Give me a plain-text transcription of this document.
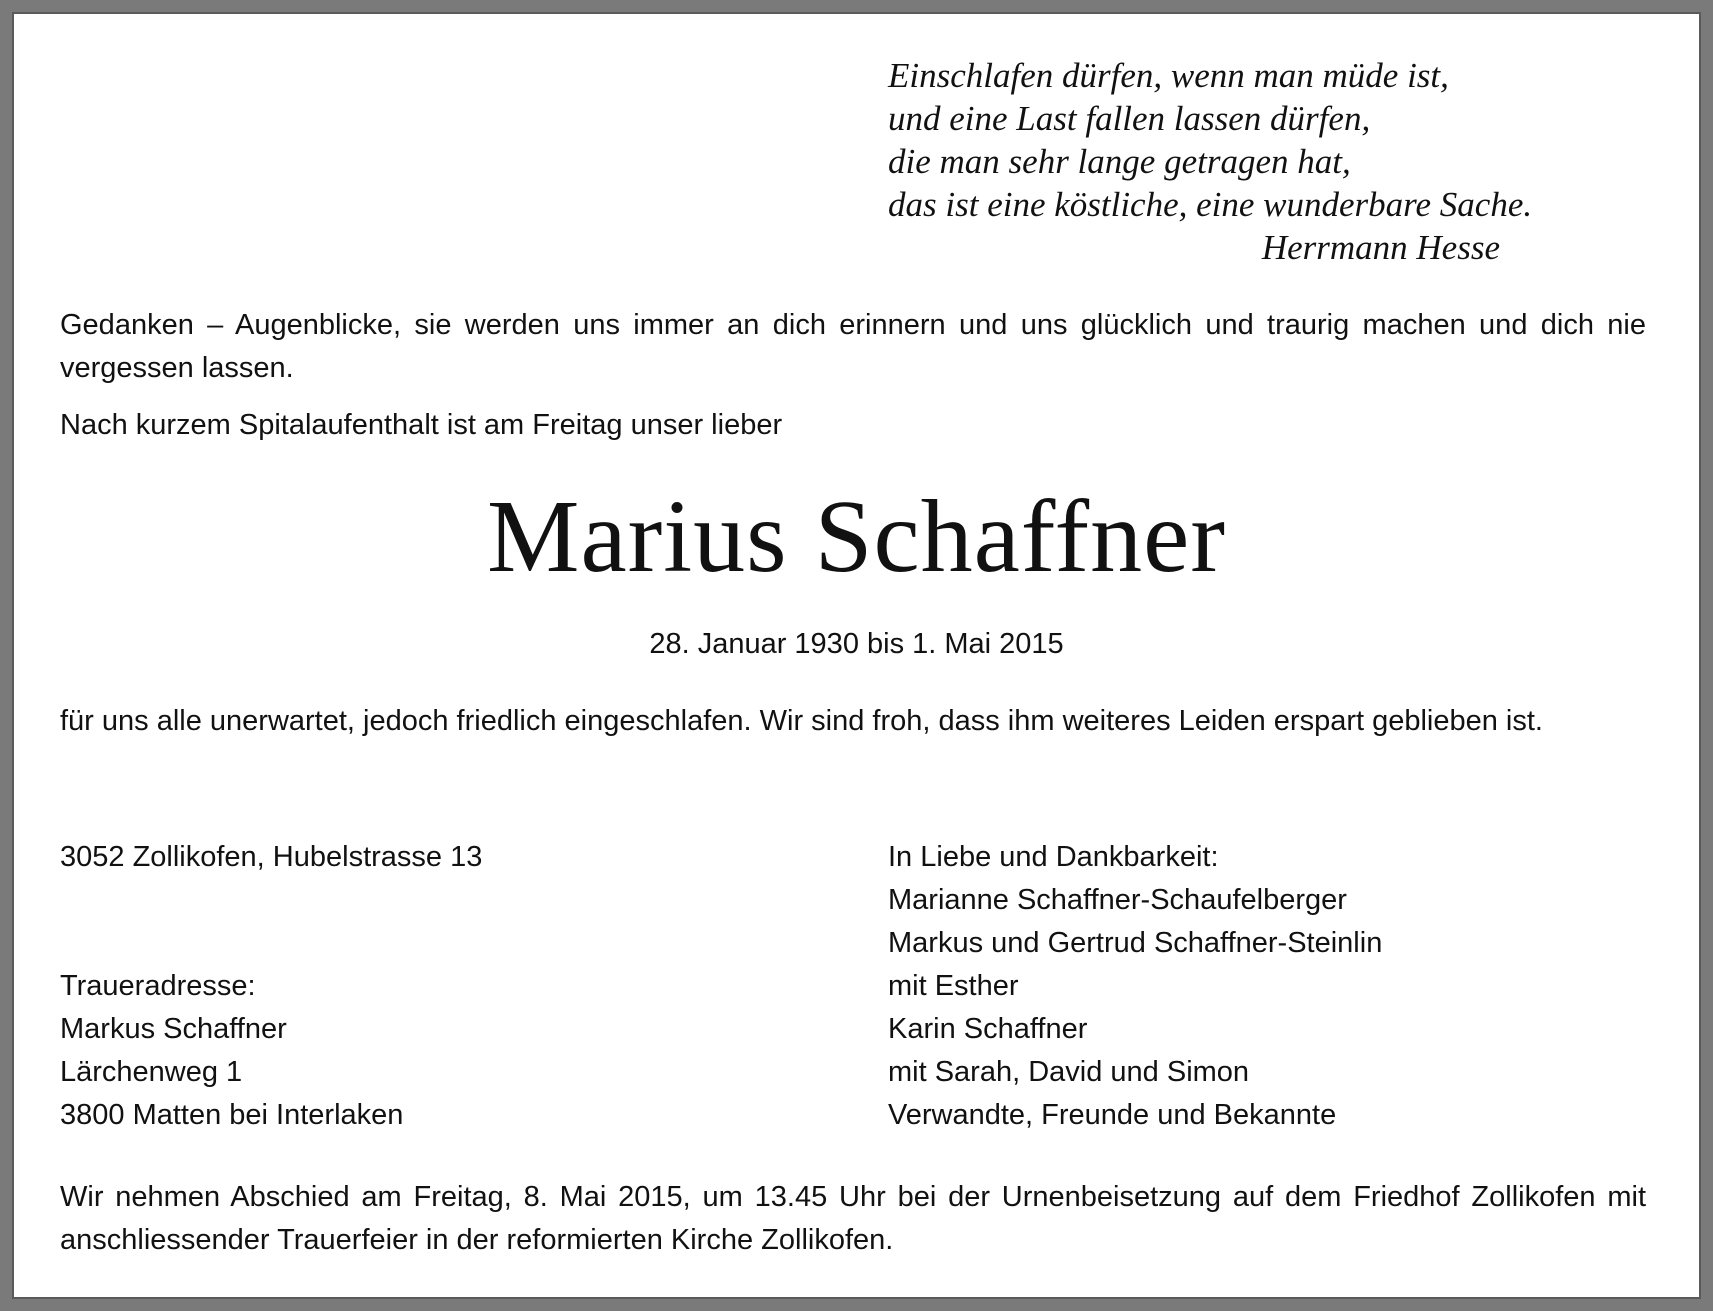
Einschlafen dürfen, wenn man müde ist,
und eine Last fallen lassen dürfen,
die man sehr lange getragen hat,
das ist eine köstliche, eine wunderbare Sache.
Herrmann Hesse
Gedanken – Augenblicke, sie werden uns immer an dich erinnern und uns glücklich und traurig machen und dich nie vergessen lassen.
Nach kurzem Spitalaufenthalt ist am Freitag unser lieber
Marius Schaffner
28. Januar 1930 bis 1. Mai 2015
für uns alle unerwartet, jedoch friedlich eingeschlafen. Wir sind froh, dass ihm weiteres Leiden erspart geblieben ist.
3052 Zollikofen, Hubelstrasse 13
Traueradresse:
Markus Schaffner
Lärchenweg 1
3800 Matten bei Interlaken
In Liebe und Dankbarkeit:
Marianne Schaffner-Schaufelberger
Markus und Gertrud Schaffner-Steinlin
mit Esther
Karin Schaffner
mit Sarah, David und Simon
Verwandte, Freunde und Bekannte
Wir nehmen Abschied am Freitag, 8. Mai 2015, um 13.45 Uhr bei der Urnenbeisetzung auf dem Friedhof Zollikofen mit anschliessender Trauerfeier in der reformierten Kirche Zollikofen.
